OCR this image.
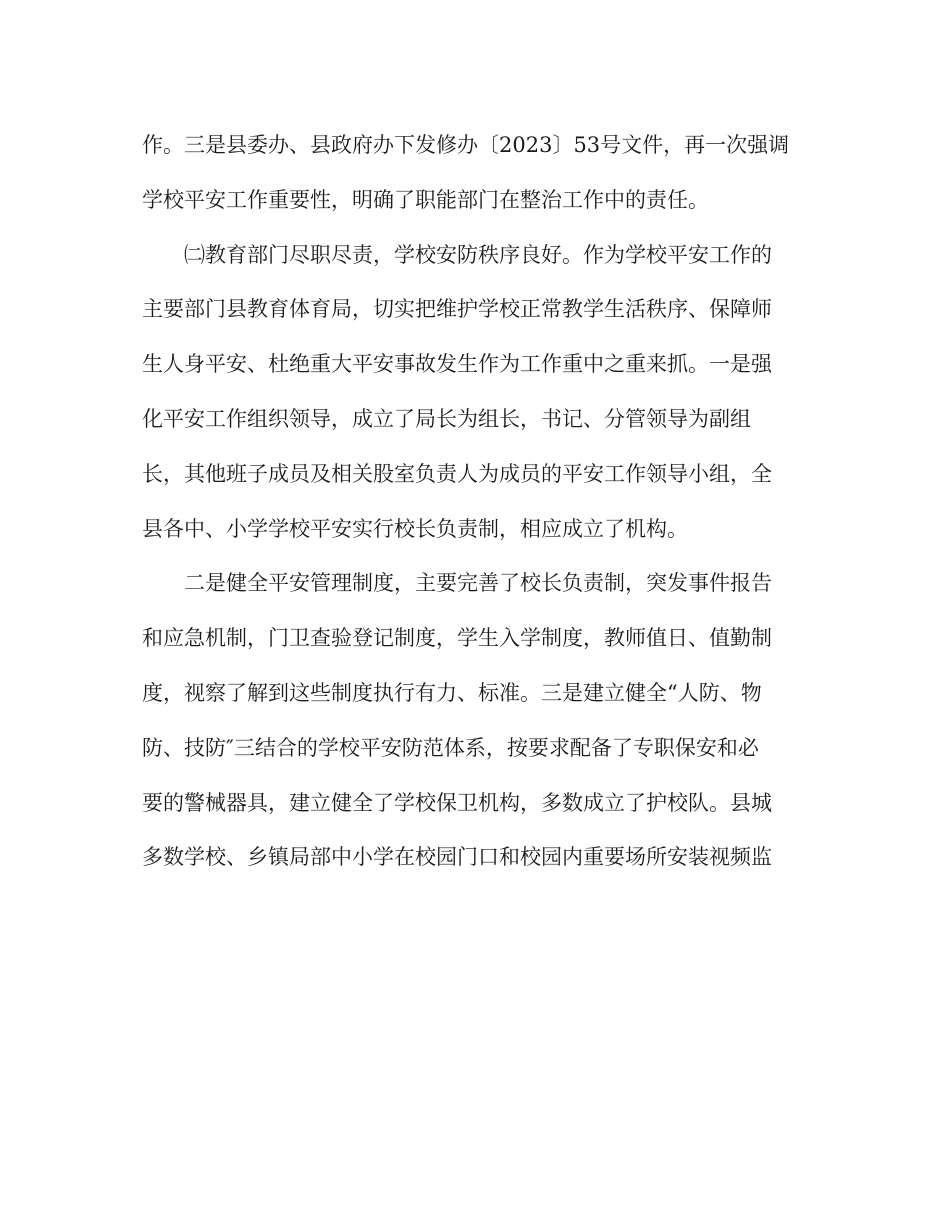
作。三是县委办、县政府办下发修办〔2023〕53号文件，再一次强调
学校平安工作重要性，明确了职能部门在整治工作中的责任。
㈡教育部门尽职尽责，学校安防秩序良好。作为学校平安工作的
主要部门县教育体育局，切实把维护学校正常教学生活秩序、保障师
生人身平安、杜绝重大平安事故发生作为工作重中之重来抓。一是强
化平安工作组织领导，成立了局长为组长，书记、分管领导为副组
长，其他班子成员及相关股室负责人为成员的平安工作领导小组，全
县各中、小学学校平安实行校长负责制，相应成立了机构。
二是健全平安管理制度，主要完善了校长负责制，突发事件报告
和应急机制，门卫查验登记制度，学生入学制度，教师值日、值勤制
度，视察了解到这些制度执行有力、标准。三是建立健全“人防、物
防、技防″三结合的学校平安防范体系，按要求配备了专职保安和必
要的警械器具，建立健全了学校保卫机构，多数成立了护校队。县城
多数学校、乡镇局部中小学在校园门口和校园内重要场所安装视频监
